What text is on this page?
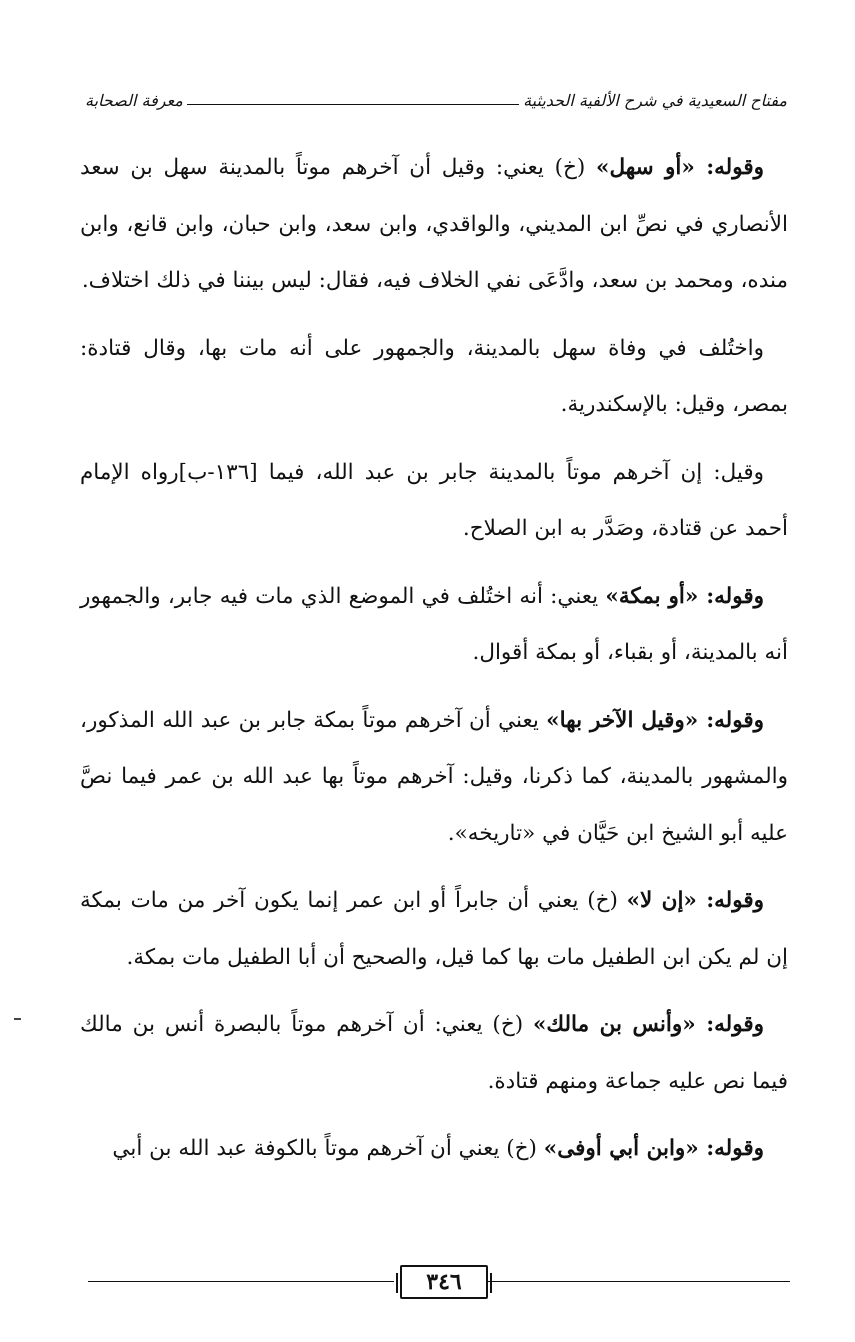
مفتاح السعيدية في شرح الألفية الحديثية
معرفة الصحابة

وقوله: «أو سهل» (خ) يعني: وقيل أن آخرهم موتاً بالمدينة سهل بن سعد الأنصاري في نصِّ ابن المديني، والواقدي، وابن سعد، وابن حبان، وابن قانع، وابن منده، ومحمد بن سعد، وادَّعَى نفي الخلاف فيه، فقال: ليس بيننا في ذلك اختلاف.

واختُلف في وفاة سهل بالمدينة، والجمهور على أنه مات بها، وقال قتادة: بمصر، وقيل: بالإسكندرية.

وقيل: إن آخرهم موتاً بالمدينة جابر بن عبد الله، فيما [١٣٦-ب]رواه الإمام أحمد عن قتادة، وصَدَّر به ابن الصلاح.

وقوله: «أو بمكة» يعني: أنه اختُلف في الموضع الذي مات فيه جابر، والجمهور أنه بالمدينة، أو بقباء، أو بمكة أقوال.

وقوله: «وقيل الآخر بها» يعني أن آخرهم موتاً بمكة جابر بن عبد الله المذكور، والمشهور بالمدينة، كما ذكرنا، وقيل: آخرهم موتاً بها عبد الله بن عمر فيما نصَّ عليه أبو الشيخ ابن حَيَّان في «تاريخه».

وقوله: «إن لا» (خ) يعني أن جابراً أو ابن عمر إنما يكون آخر من مات بمكة إن لم يكن ابن الطفيل مات بها كما قيل، والصحيح أن أبا الطفيل مات بمكة.

وقوله: «وأنس بن مالك» (خ) يعني: أن آخرهم موتاً بالبصرة أنس بن مالك فيما نص عليه جماعة ومنهم قتادة.

وقوله: «وابن أبي أوفى» (خ) يعني أن آخرهم موتاً بالكوفة عبد الله بن أبي

٣٤٦
